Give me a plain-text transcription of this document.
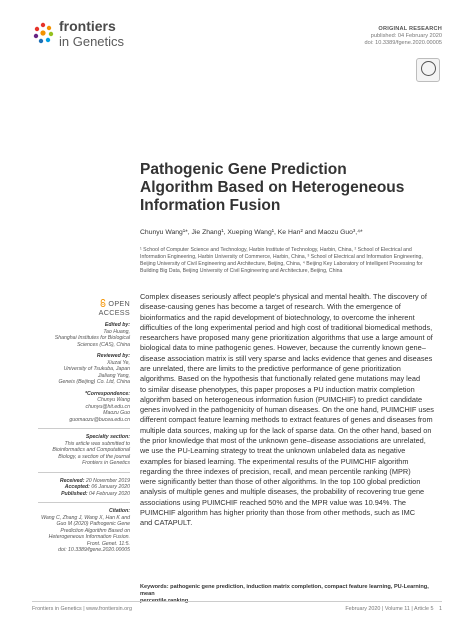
frontiers
in Genetics
ORIGINAL RESEARCH
published: 04 February 2020
doi: 10.3389/fgene.2020.00005
Pathogenic Gene Prediction
Algorithm Based on Heterogeneous
Information Fusion
Chunyu Wang¹*, Jie Zhang¹, Xueping Wang¹, Ke Han² and Maozu Guo³,⁴*
¹ School of Computer Science and Technology, Harbin Institute of Technology, Harbin, China, ² School of Electrical and
Information Engineering, Harbin University of Commerce, Harbin, China, ³ School of Electrical and Information Engineering,
Beijing University of Civil Engineering and Architecture, Beijing, China, ⁴ Beijing Key Laboratory of Intelligent Processing for
Building Big Data, Beijing University of Civil Engineering and Architecture, Beijing, China
OPEN ACCESS
Edited by:
Tao Huang,
Shanghai Institutes for Biological
Sciences (CAS), China
Reviewed by:
Xiuzai Ye,
University of Tsukuba, Japan
Jialiang Yang,
Geneis (Beijing) Co. Ltd, China
*Correspondence:
Chunyu Wang
chunyu@hit.edu.cn
Maozu Guo
guomaozu@bucea.edu.cn
Specialty section:
This article was submitted to
Bioinformatics and Computational
Biology, a section of the journal
Frontiers in Genetics
Received: 20 November 2019
Accepted: 06 January 2020
Published: 04 February 2020
Citation:
Wang C, Zhang J, Wang X, Han K and
Guo M (2020) Pathogenic Gene
Prediction Algorithm Based on
Heterogeneous Information Fusion.
Front. Genet. 11:5.
doi: 10.3389/fgene.2020.00005
Complex diseases seriously affect people's physical and mental health. The discovery of
disease-causing genes has become a target of research. With the emergence of
bioinformatics and the rapid development of biotechnology, to overcome the inherent
difficulties of the long experimental period and high cost of traditional biomedical methods,
researchers have proposed many gene prioritization algorithms that use a large amount of
biological data to mine pathogenic genes. However, because the currently known gene–
disease association matrix is still very sparse and lacks evidence that genes and diseases
are unrelated, there are limits to the predictive performance of gene prioritization
algorithms. Based on the hypothesis that functionally related gene mutations may lead
to similar disease phenotypes, this paper proposes a PU induction matrix completion
algorithm based on heterogeneous information fusion (PUIMCHIF) to predict candidate
genes involved in the pathogenicity of human diseases. On the one hand, PUIMCHIF uses
different compact feature learning methods to extract features of genes and diseases from
multiple data sources, making up for the lack of sparse data. On the other hand, based on
the prior knowledge that most of the unknown gene–disease associations are unrelated,
we use the PU-Learning strategy to treat the unknown unlabeled data as negative
examples for biased learning. The experimental results of the PUIMCHIF algorithm
regarding the three indexes of precision, recall, and mean percentile ranking (MPR)
were significantly better than those of other algorithms. In the top 100 global prediction
analysis of multiple genes and multiple diseases, the probability of recovering true gene
associations using PUIMCHIF reached 50% and the MPR value was 10.94%. The
PUIMCHIF algorithm has higher priority than those from other methods, such as IMC
and CATAPULT.
Keywords: pathogenic gene prediction, induction matrix completion, compact feature learning, PU-Learning, mean
percentile ranking
Frontiers in Genetics | www.frontiersin.org	February 2020 | Volume 11 | Article 5 1
